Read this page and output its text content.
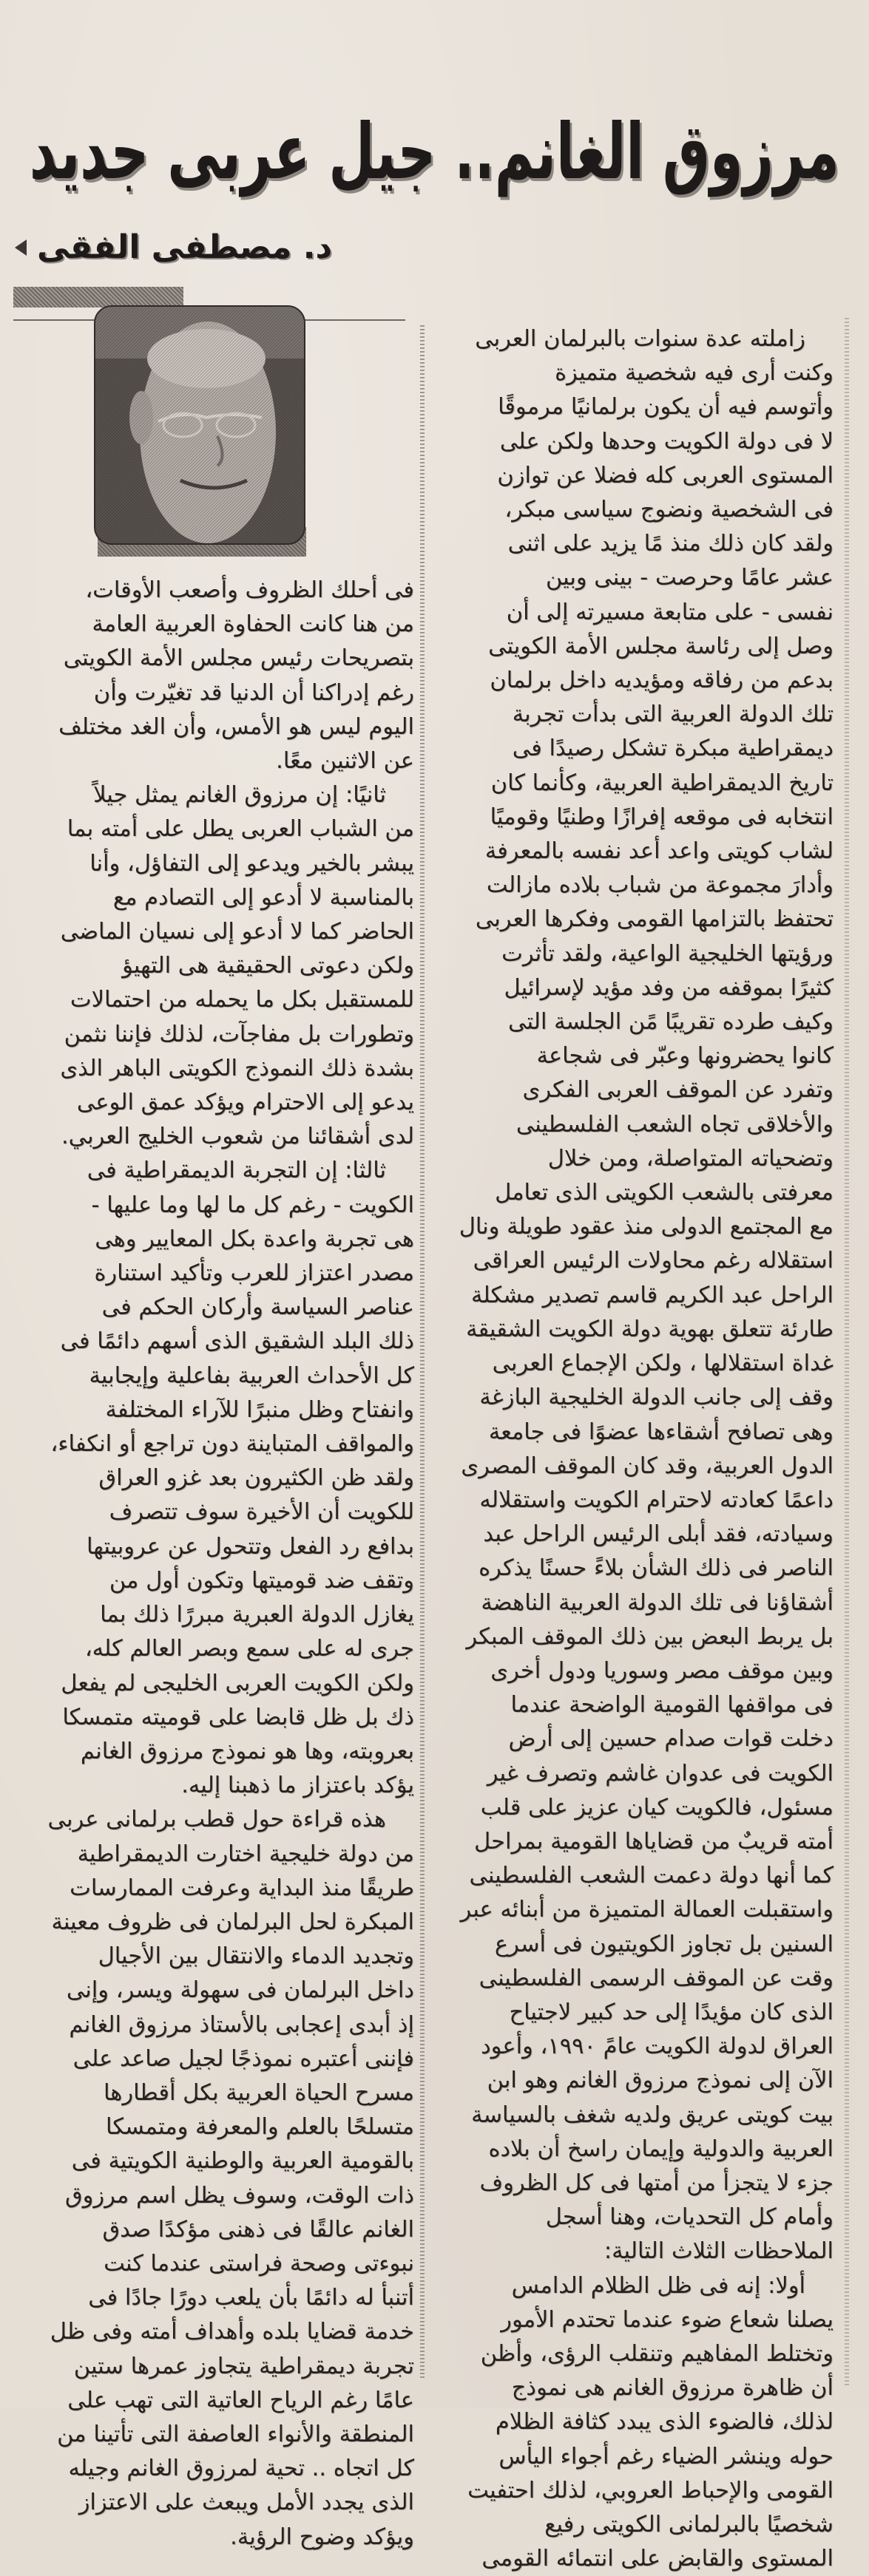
مرزوق الغانم.. جيل عربى جديد
د. مصطفى الفقى
زاملته عدة سنوات بالبرلمان العربى
وكنت أرى فيه شخصية متميزة
وأتوسم فيه أن يكون برلمانيًا مرموقًا
لا فى دولة الكويت وحدها ولكن على
المستوى العربى كله فضلا عن توازن
فى الشخصية ونضوج سياسى مبكر،
ولقد كان ذلك منذ مًا يزيد على اثنى
عشر عامًا وحرصت - بينى وبين
نفسى - على متابعة مسيرته إلى أن
وصل إلى رئاسة مجلس الأمة الكويتى
بدعم من رفاقه ومؤيديه داخل برلمان
تلك الدولة العربية التى بدأت تجربة
ديمقراطية مبكرة تشكل رصيدًا فى
تاريخ الديمقراطية العربية، وكأنما كان
انتخابه فى موقعه إفرازًا وطنيًا وقوميًا
لشاب كويتى واعد أعد نفسه بالمعرفة
وأدارَ مجموعة من شباب بلاده مازالت
تحتفظ بالتزامها القومى وفكرها العربى
ورؤيتها الخليجية الواعية، ولقد تأثرت
كثيرًا بموقفه من وفد مؤيد لإسرائيل
وكيف طرده تقريبًا مًن الجلسة التى
كانوا يحضرونها وعبّر فى شجاعة
وتفرد عن الموقف العربى الفكرى
والأخلاقى تجاه الشعب الفلسطينى
وتضحياته المتواصلة، ومن خلال
معرفتى بالشعب الكويتى الذى تعامل
مع المجتمع الدولى منذ عقود طويلة ونال
استقلاله رغم محاولات الرئيس العراقى
الراحل عبد الكريم قاسم تصدير مشكلة
طارئة تتعلق بهوية دولة الكويت الشقيقة
غداة استقلالها ، ولكن الإجماع العربى
وقف إلى جانب الدولة الخليجية البازغة
وهى تصافح أشقاءها عضوًا فى جامعة
الدول العربية، وقد كان الموقف المصرى
داعمًا كعادته لاحترام الكويت واستقلاله
وسيادته، فقد أبلى الرئيس الراحل عبد
الناصر فى ذلك الشأن بلاءً حسنًا يذكره
أشقاؤنا فى تلك الدولة العربية الناهضة
بل يربط البعض بين ذلك الموقف المبكر
وبين موقف مصر وسوريا ودول أخرى
فى مواقفها القومية الواضحة عندما
دخلت قوات صدام حسين إلى أرض
الكويت فى عدوان غاشم وتصرف غير
مسئول، فالكويت كيان عزيز على قلب
أمته قريبٌ من قضاياها القومية بمراحل
كما أنها دولة دعمت الشعب الفلسطينى
واستقبلت العمالة المتميزة من أبنائه عبر
السنين بل تجاوز الكويتيون فى أسرع
وقت عن الموقف الرسمى الفلسطينى
الذى كان مؤيدًا إلى حد كبير لاجتياح
العراق لدولة الكويت عامً ١٩٩٠، وأعود
الآن إلى نموذج مرزوق الغانم وهو ابن
بيت كويتى عريق ولديه شغف بالسياسة
العربية والدولية وإيمان راسخ أن بلاده
جزء لا يتجزأ من أمتها فى كل الظروف
وأمام كل التحديات، وهنا أسجل
الملاحظات الثلاث التالية:
أولا: إنه فى ظل الظلام الدامس
يصلنا شعاع ضوء عندما تحتدم الأمور
وتختلط المفاهيم وتنقلب الرؤى، وأظن
أن ظاهرة مرزوق الغانم هى نموذج
لذلك، فالضوء الذى يبدد كثافة الظلام
حوله وينشر الضياء رغم أجواء اليأس
القومى والإحباط العروبي، لذلك احتفيت
شخصيًا بالبرلمانى الكويتى رفيع
المستوى والقابض على انتمائه القومى
فى أحلك الظروف وأصعب الأوقات،
من هنا كانت الحفاوة العربية العامة
بتصريحات رئيس مجلس الأمة الكويتى
رغم إدراكنا أن الدنيا قد تغيّرت وأن
اليوم ليس هو الأمس، وأن الغد مختلف
عن الاثنين معًا.
ثانيًا: إن مرزوق الغانم يمثل جيلاً
من الشباب العربى يطل على أمته بما
يبشر بالخير ويدعو إلى التفاؤل، وأنا
بالمناسبة لا أدعو إلى التصادم مع
الحاضر كما لا أدعو إلى نسيان الماضى
ولكن دعوتى الحقيقية هى التهيؤ
للمستقبل بكل ما يحمله من احتمالات
وتطورات بل مفاجآت، لذلك فإننا نثمن
بشدة ذلك النموذج الكويتى الباهر الذى
يدعو إلى الاحترام ويؤكد عمق الوعى
لدى أشقائنا من شعوب الخليج العربي.
ثالثا: إن التجربة الديمقراطية فى
الكويت - رغم كل ما لها وما عليها -
هى تجربة واعدة بكل المعايير وهى
مصدر اعتزاز للعرب وتأكيد استنارة
عناصر السياسة وأركان الحكم فى
ذلك البلد الشقيق الذى أسهم دائمًا فى
كل الأحداث العربية بفاعلية وإيجابية
وانفتاح وظل منبرًا للآراء المختلفة
والمواقف المتباينة دون تراجع أو انكفاء،
ولقد ظن الكثيرون بعد غزو العراق
للكويت أن الأخيرة سوف تتصرف
بدافع رد الفعل وتتحول عن عروبيتها
وتقف ضد قوميتها وتكون أول من
يغازل الدولة العبرية مبررًا ذلك بما
جرى له على سمع وبصر العالم كله،
ولكن الكويت العربى الخليجى لم يفعل
ذك بل ظل قابضا على قوميته متمسكا
بعروبته، وها هو نموذج مرزوق الغانم
يؤكد باعتزاز ما ذهبنا إليه.
هذه قراءة حول قطب برلمانى عربى
من دولة خليجية اختارت الديمقراطية
طريقًا منذ البداية وعرفت الممارسات
المبكرة لحل البرلمان فى ظروف معينة
وتجديد الدماء والانتقال بين الأجيال
داخل البرلمان فى سهولة ويسر، وإنى
إذ أبدى إعجابى بالأستاذ مرزوق الغانم
فإننى أعتبره نموذجًا لجيل صاعد على
مسرح الحياة العربية بكل أقطارها
متسلحًا بالعلم والمعرفة ومتمسكا
بالقومية العربية والوطنية الكويتية فى
ذات الوقت، وسوف يظل اسم مرزوق
الغانم عالقًا فى ذهنى مؤكدًا صدق
نبوءتى وصحة فراستى عندما كنت
أتنبأ له دائمًا بأن يلعب دورًا جادًا فى
خدمة قضايا بلده وأهداف أمته وفى ظل
تجربة ديمقراطية يتجاوز عمرها ستين
عامًا رغم الرياح العاتية التى تهب على
المنطقة والأنواء العاصفة التى تأتينا من
كل اتجاه .. تحية لمرزوق الغانم وجيله
الذى يجدد الأمل ويبعث على الاعتزاز
ويؤكد وضوح الرؤية.
